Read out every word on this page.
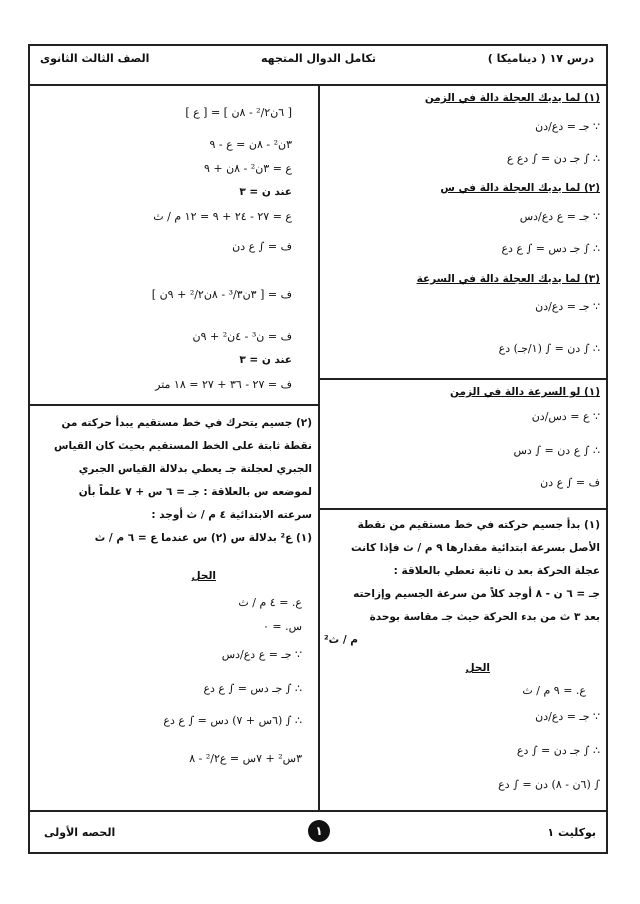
درس ١٧ ( ديناميكا )
تكامل الدوال المتجهه
الصف الثالث الثانوى
(١) لما يديك العجلة دالة في الزمن
∵ جـ = دع/دن
∴ ∫ جـ دن = ∫ دع ع
(٢) لما يديك العجلة دالة في س
∵ جـ = ع دع/دس
∴ ∫ جـ دس = ∫ ع دع
(٣) لما يديك العجلة دالة في السرعة
∵ جـ = دع/دن
∴ ∫ دن = ∫ (١/جـ) دع
(١) لو السرعة دالة في الزمن
∵ ع = دس/دن
∴ ∫ ع دن = ∫ دس
ف = ∫ ع دن
(١) بدأ جسيم حركته في خط مستقيم من نقطة
الأصل بسرعة ابتدائية مقدارها ٩ م / ث فإذا كانت
عجلة الحركة بعد ن ثانية تعطي بالعلاقة :
جـ = ٦ ن - ٨ أوجد كلاً من سرعة الجسيم وإزاحته
بعد ٣ ث من بدء الحركة حيث جـ مقاسة بوحدة
م / ث²
الحل
ع. = ٩ م / ث
∵ جـ = دع/دن
∴ ∫ جـ دن = ∫ دع
∫ (٦ن - ٨) دن = ∫ دع
[ ٦ن²/٢ - ٨ن ] = [ ع ]
٣ن² - ٨ن = ع - ٩
ع = ٣ن² - ٨ن + ٩
عند ن = ٣
ع = ٢٧ - ٢٤ + ٩ = ١٢ م / ث
ف = ∫ ع دن
ف = [ ٣ن³/٣ - ٨ن²/٢ + ٩ن ]
ف = ن³ - ٤ن² + ٩ن
عند ن = ٣
ف = ٢٧ - ٣٦ + ٢٧ = ١٨ متر
(٢) جسيم يتحرك في خط مستقيم يبدأ حركته من
نقطة ثابتة على الخط المستقيم بحيث كان القياس
الجبري لعجلتة جـ يعطي بدلالة القياس الجبري
لموضعه س بالعلاقة : جـ = ٦ س + ٧ علماً بأن
سرعته الابتدائية ٤ م / ث أوجد :
(١) ع² بدلالة س (٢) س عندما ع = ٦ م / ث
الحل
ع. = ٤ م / ث
س. = ٠
∵ جـ = ع دع/دس
∴ ∫ جـ دس = ∫ ع دع
∴ ∫ (٦س + ٧) دس = ∫ ع دع
٣س² + ٧س = ع²/٢ - ٨
بوكليت ١
١
الحصه الأولى
